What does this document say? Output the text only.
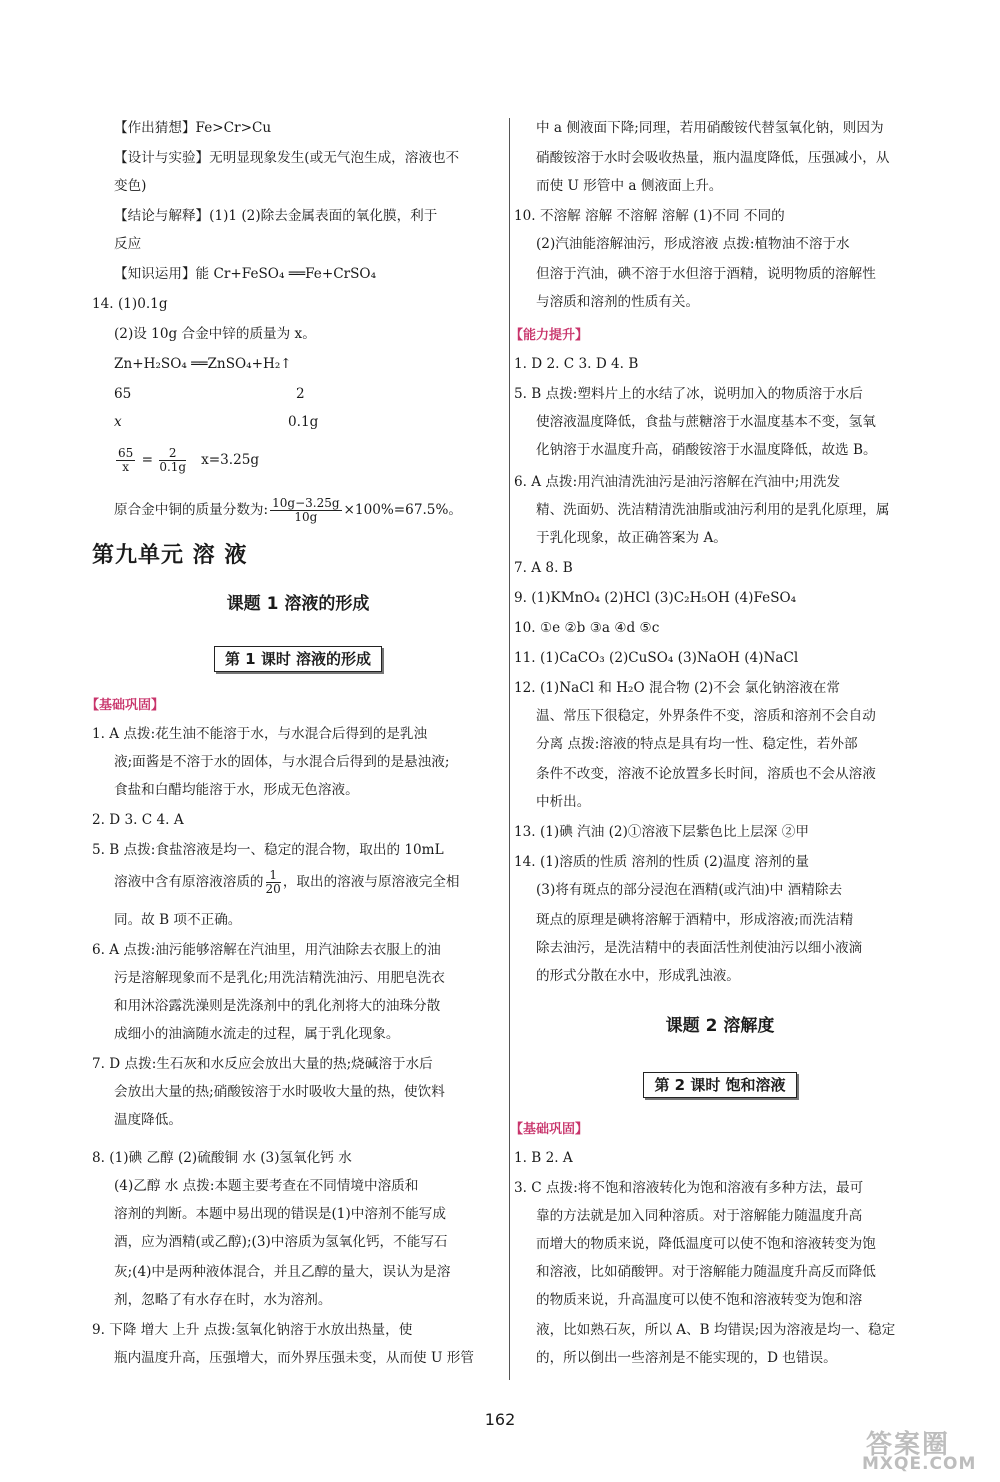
【作出猜想】Fe>Cr>Cu
【设计与实验】无明显现象发生(或无气泡生成，溶液也不
变色)
【结论与解释】(1)1 (2)除去金属表面的氧化膜，利于
反应
【知识运用】能 Cr+FeSO₄ ══Fe+CrSO₄
14. (1)0.1g
(2)设 10g 合金中锌的质量为 x。
Zn+H₂SO₄ ══ZnSO₄+H₂↑
65	2
x	0.1g
$\frac{65}{x} = \frac{2}{0.1g} x=3.25g$
原合金中铜的质量分数为: $\frac{10g-3.25g}{10g} \times 100\%=67.5\%$。
第九单元 溶 液
课题 1 溶液的形成
第 1 课时 溶液的形成
【基础巩固】
1. A 点拨:花生油不能溶于水，与水混合后得到的是乳浊
液;面酱是不溶于水的固体，与水混合后得到的是悬浊液;
食盐和白醋均能溶于水，形成无色溶液。
2. D 3. C 4. A
5. B 点拨:食盐溶液是均一、稳定的混合物，取出的 10mL
溶液中含有原溶液溶质的 $\frac{1}{20}$ ，取出的溶液与原溶液完全相
同。故 B 项不正确。
6. A 点拨:油污能够溶解在汽油里，用汽油除去衣服上的油
污是溶解现象而不是乳化;用洗洁精洗油污、用肥皂洗衣
和用沐浴露洗澡则是洗涤剂中的乳化剂将大的油珠分散
成细小的油滴随水流走的过程，属于乳化现象。
7. D 点拨:生石灰和水反应会放出大量的热;烧碱溶于水后
会放出大量的热;硝酸铵溶于水时吸收大量的热，使饮料
温度降低。
8. (1)碘 乙醇 (2)硫酸铜 水 (3)氢氧化钙 水
(4)乙醇 水 点拨:本题主要考查在不同情境中溶质和
溶剂的判断。本题中易出现的错误是(1)中溶剂不能写成
酒，应为酒精(或乙醇);(3)中溶质为氢氧化钙，不能写石
灰;(4)中是两种液体混合，并且乙醇的量大，误认为是溶
剂，忽略了有水存在时，水为溶剂。
9. 下降 增大 上升 点拨:氢氧化钠溶于水放出热量，使
瓶内温度升高，压强增大，而外界压强未变，从而使 U 形管
中 a 侧液面下降;同理，若用硝酸铵代替氢氧化钠，则因为
硝酸铵溶于水时会吸收热量，瓶内温度降低，压强减小，从
而使 U 形管中 a 侧液面上升。
10. 不溶解 溶解 不溶解 溶解 (1)不同 不同的
(2)汽油能溶解油污，形成溶液 点拨:植物油不溶于水
但溶于汽油，碘不溶于水但溶于酒精，说明物质的溶解性
与溶质和溶剂的性质有关。
【能力提升】
1. D 2. C 3. D 4. B
5. B 点拨:塑料片上的水结了冰，说明加入的物质溶于水后
使溶液温度降低，食盐与蔗糖溶于水温度基本不变，氢氧
化钠溶于水温度升高，硝酸铵溶于水温度降低，故选 B。
6. A 点拨:用汽油清洗油污是油污溶解在汽油中;用洗发
精、洗面奶、洗洁精清洗油脂或油污利用的是乳化原理，属
于乳化现象，故正确答案为 A。
7. A 8. B
9. (1)KMnO₄ (2)HCl (3)C₂H₅OH (4)FeSO₄
10. ①e ②b ③a ④d ⑤c
11. (1)CaCO₃ (2)CuSO₄ (3)NaOH (4)NaCl
12. (1)NaCl 和 H₂O 混合物 (2)不会 氯化钠溶液在常
温、常压下很稳定，外界条件不变，溶质和溶剂不会自动
分离 点拨:溶液的特点是具有均一性、稳定性，若外部
条件不改变，溶液不论放置多长时间，溶质也不会从溶液
中析出。
13. (1)碘 汽油 (2)①溶液下层紫色比上层深 ②甲
14. (1)溶质的性质 溶剂的性质 (2)温度 溶剂的量
(3)将有斑点的部分浸泡在酒精(或汽油)中 酒精除去
斑点的原理是碘将溶解于酒精中，形成溶液;而洗洁精
除去油污，是洗洁精中的表面活性剂使油污以细小液滴
的形式分散在水中，形成乳浊液。
课题 2 溶解度
第 2 课时 饱和溶液
【基础巩固】
1. B 2. A
3. C 点拨:将不饱和溶液转化为饱和溶液有多种方法，最可
靠的方法就是加入同种溶质。对于溶解能力随温度升高
而增大的物质来说，降低温度可以使不饱和溶液转变为饱
和溶液，比如硝酸钾。对于溶解能力随温度升高反而降低
的物质来说，升高温度可以使不饱和溶液转变为饱和溶
液，比如熟石灰，所以 A、B 均错误;因为溶液是均一、稳定
的，所以倒出一些溶剂是不能实现的，D 也错误。
162
答案圈
MXQE.COM
